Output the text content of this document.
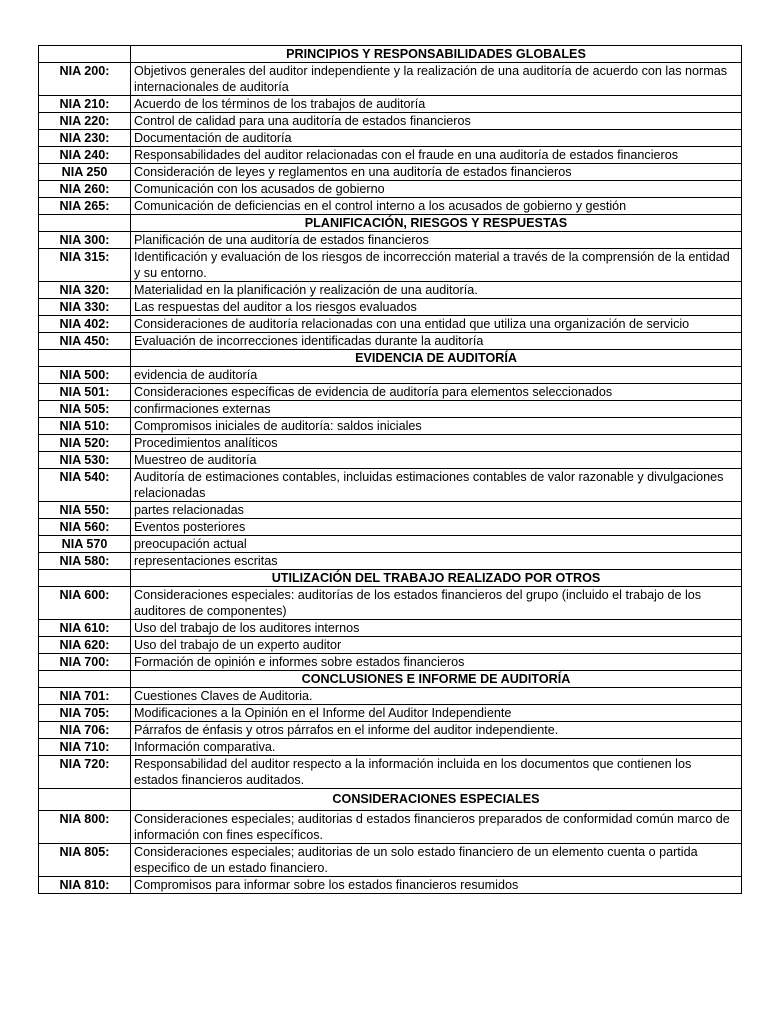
	PRINCIPIOS Y RESPONSABILIDADES GLOBALES
NIA 200:	Objetivos generales del auditor independiente y la realización de una auditoría de acuerdo con las normas internacionales de auditoría
NIA 210:	Acuerdo de los términos de los trabajos de auditoría
NIA 220:	Control de calidad para una auditoría de estados financieros
NIA 230:	Documentación de auditoría
NIA 240:	Responsabilidades del auditor relacionadas con el fraude en una auditoría de estados financieros
NIA 250	Consideración de leyes y reglamentos en una auditoría de estados financieros
NIA 260:	Comunicación con los acusados de gobierno
NIA 265:	Comunicación de deficiencias en el control interno a los acusados de gobierno y gestión
	PLANIFICACIÓN, RIESGOS Y RESPUESTAS
NIA 300:	Planificación de una auditoría de estados financieros
NIA 315:	Identificación y evaluación de los riesgos de incorrección material a través de la comprensión de la entidad y su entorno.
NIA 320:	Materialidad en la planificación y realización de una auditoría.
NIA 330:	Las respuestas del auditor a los riesgos evaluados
NIA 402:	Consideraciones de auditoría relacionadas con una entidad que utiliza una organización de servicio
NIA 450:	Evaluación de incorrecciones identificadas durante la auditoría
	EVIDENCIA DE AUDITORÍA
NIA 500:	evidencia de auditoría
NIA 501:	Consideraciones específicas de evidencia de auditoría para elementos seleccionados
NIA 505:	confirmaciones externas
NIA 510:	Compromisos iniciales de auditoría: saldos iniciales
NIA 520:	Procedimientos analíticos
NIA 530:	Muestreo de auditoría
NIA 540:	Auditoría de estimaciones contables, incluidas estimaciones contables de valor razonable y divulgaciones relacionadas
NIA 550:	partes relacionadas
NIA 560:	Eventos posteriores
NIA 570	preocupación actual
NIA 580:	representaciones escritas
	UTILIZACIÓN DEL TRABAJO REALIZADO POR OTROS
NIA 600:	Consideraciones especiales: auditorías de los estados financieros del grupo (incluido el trabajo de los auditores de componentes)
NIA 610:	Uso del trabajo de los auditores internos
NIA 620:	Uso del trabajo de un experto auditor
NIA 700:	Formación de opinión e informes sobre estados financieros
	CONCLUSIONES E INFORME DE AUDITORÍA
NIA 701:	Cuestiones Claves de Auditoria.
NIA 705:	Modificaciones a la Opinión en el Informe del Auditor Independiente
NIA 706:	Párrafos de énfasis y otros párrafos en el informe del auditor independiente.
NIA 710:	Información comparativa.
NIA 720:	Responsabilidad del auditor respecto a la información incluida en los documentos que contienen los estados financieros auditados.
	CONSIDERACIONES ESPECIALES
NIA 800:	Consideraciones especiales; auditorias d estados financieros preparados de conformidad común marco de información con fines específicos.
NIA 805:	Consideraciones especiales; auditorias de un solo estado financiero de un elemento cuenta o partida especifico de un estado financiero.
NIA 810:	Compromisos para informar sobre los estados financieros resumidos
